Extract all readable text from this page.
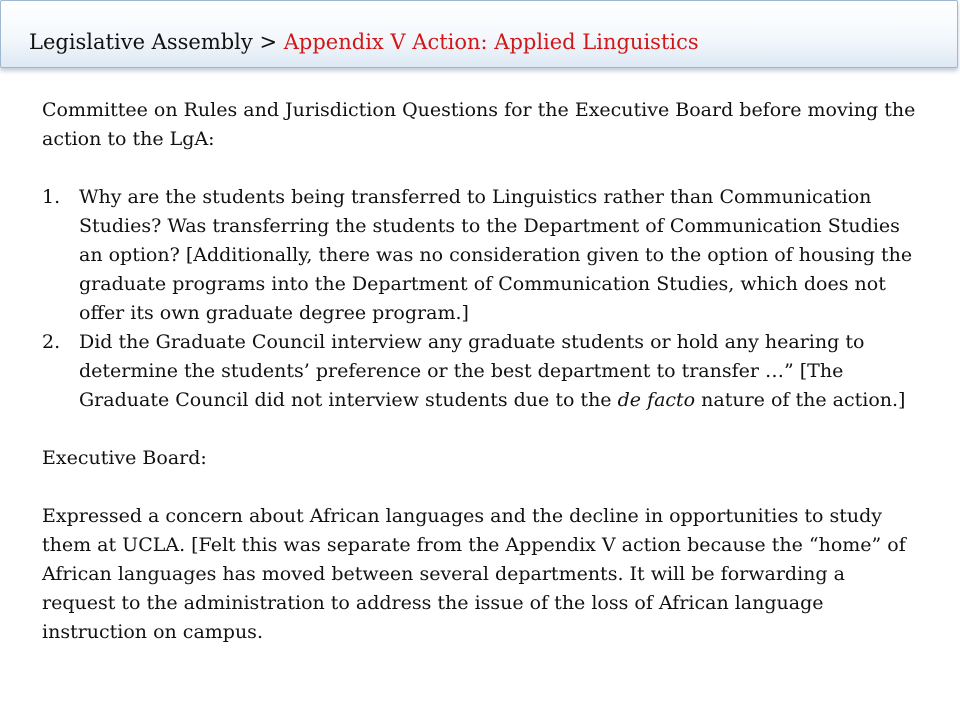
Legislative Assembly > Appendix V Action: Applied Linguistics

Committee on Rules and Jurisdiction Questions for the Executive Board before moving the action to the LgA:

1. Why are the students being transferred to Linguistics rather than Communication Studies? Was transferring the students to the Department of Communication Studies an option? [Additionally, there was no consideration given to the option of housing the graduate programs into the Department of Communication Studies, which does not offer its own graduate degree program.]
2. Did the Graduate Council interview any graduate students or hold any hearing to determine the students’ preference or the best department to transfer …” [The Graduate Council did not interview students due to the de facto nature of the action.]

Executive Board:

Expressed a concern about African languages and the decline in opportunities to study them at UCLA. [Felt this was separate from the Appendix V action because the “home” of African languages has moved between several departments. It will be forwarding a request to the administration to address the issue of the loss of African language instruction on campus.
